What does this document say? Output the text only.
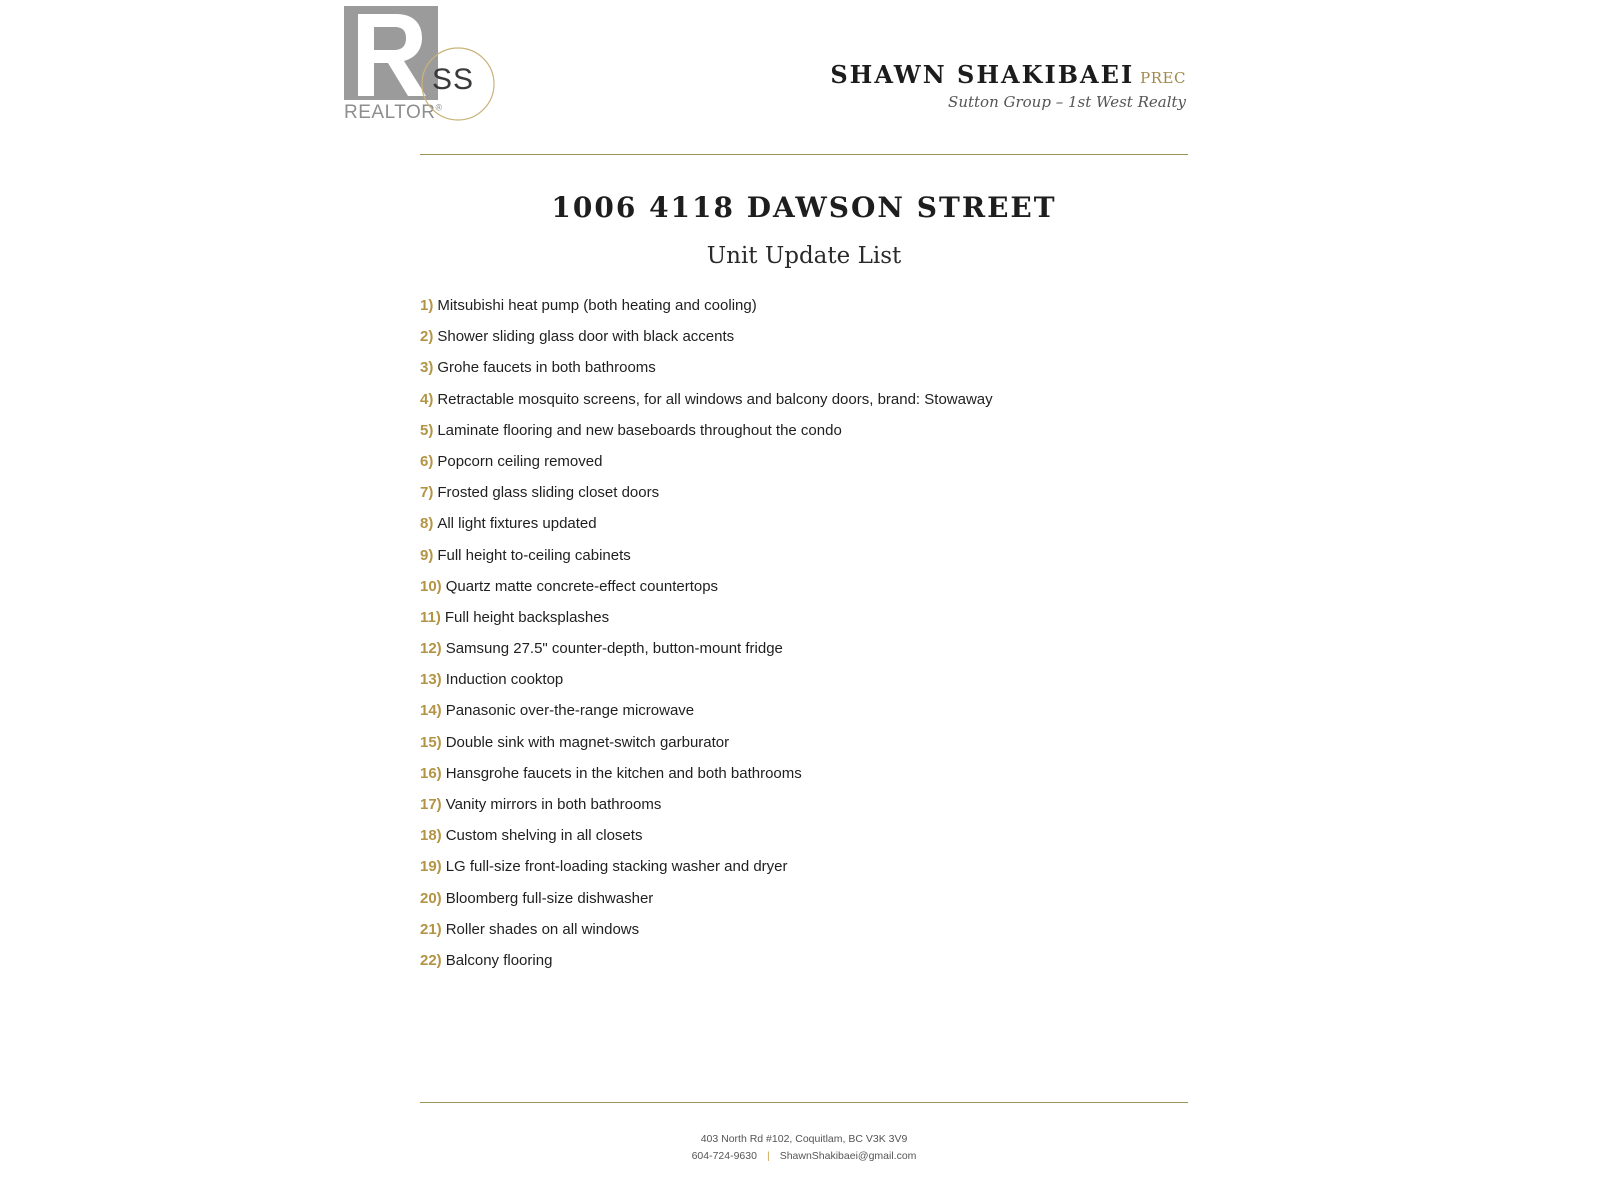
REALTOR®
SS	SHAWN SHAKIBAEI PREC
Sutton Group – 1st West Realty
1006 4118 DAWSON STREET
Unit Update List
1) Mitsubishi heat pump (both heating and cooling)
2) Shower sliding glass door with black accents
3) Grohe faucets in both bathrooms
4) Retractable mosquito screens, for all windows and balcony doors, brand: Stowaway
5) Laminate flooring and new baseboards throughout the condo
6) Popcorn ceiling removed
7) Frosted glass sliding closet doors
8) All light fixtures updated
9) Full height to-ceiling cabinets
10) Quartz matte concrete-effect countertops
11) Full height backsplashes
12) Samsung 27.5" counter-depth, button-mount fridge
13) Induction cooktop
14) Panasonic over-the-range microwave
15) Double sink with magnet-switch garburator
16) Hansgrohe faucets in the kitchen and both bathrooms
17) Vanity mirrors in both bathrooms
18) Custom shelving in all closets
19) LG full-size front-loading stacking washer and dryer
20) Bloomberg full-size dishwasher
21) Roller shades on all windows
22) Balcony flooring
403 North Rd #102, Coquitlam, BC V3K 3V9
604-724-9630 | ShawnShakibaei@gmail.com
